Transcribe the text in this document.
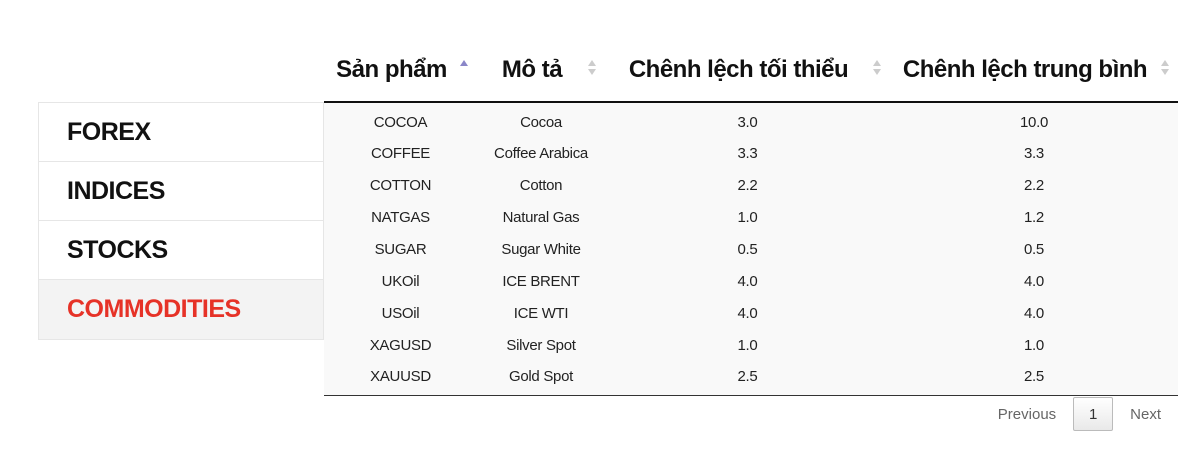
FOREX
INDICES
STOCKS
COMMODITIES
Sản phẩm	Mô tả	Chênh lệch tối thiểu	Chênh lệch trung bình

COCOA	Cocoa	3.0	10.0
COFFEE	Coffee Arabica	3.3	3.3
COTTON	Cotton	2.2	2.2
NATGAS	Natural Gas	1.0	1.2
SUGAR	Sugar White	0.5	0.5
UKOil	ICE BRENT	4.0	4.0
USOil	ICE WTI	4.0	4.0
XAGUSD	Silver Spot	1.0	1.0
XAUUSD	Gold Spot	2.5	2.5
Previous	1	Next
